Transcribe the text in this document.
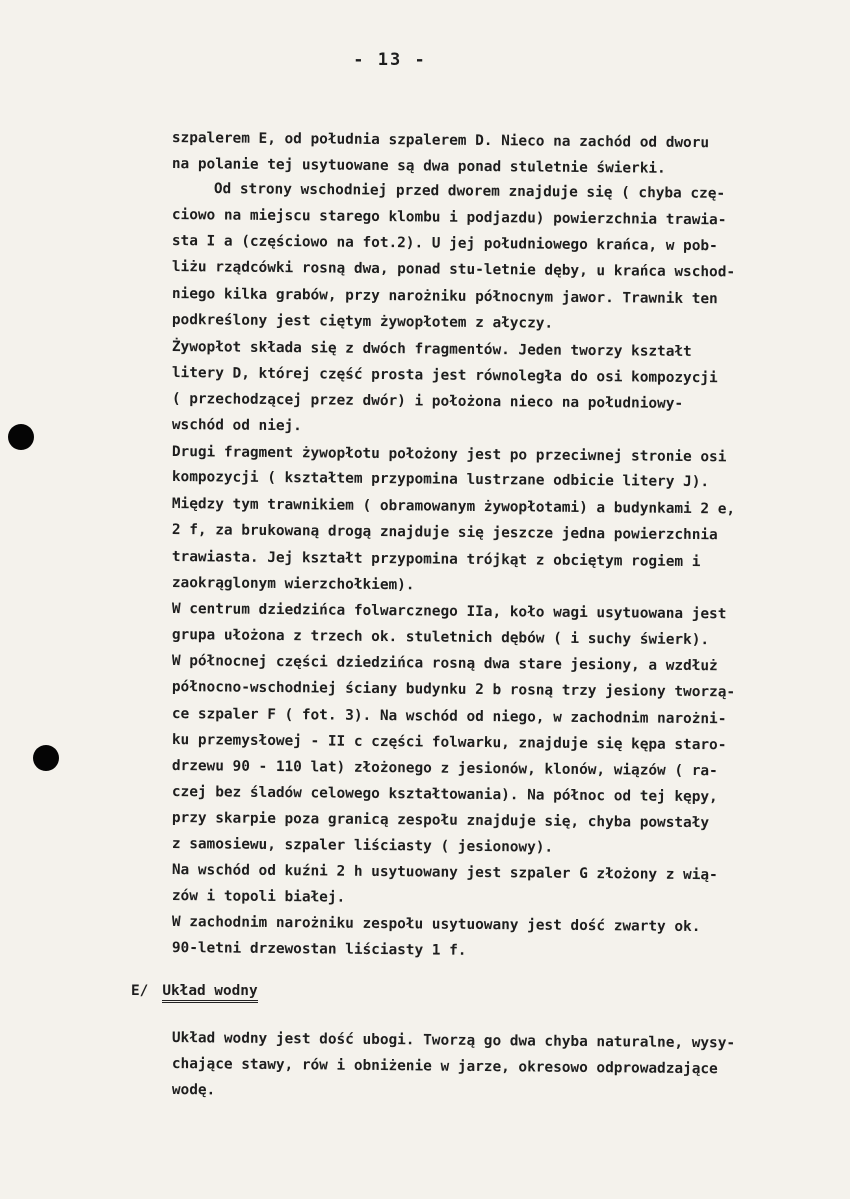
- 13 -
szpalerem E, od południa szpalerem D. Nieco na zachód od dworu
na polanie tej usytuowane są dwa ponad stuletnie świerki.
Od strony wschodniej przed dworem znajduje się ( chyba czę-
ciowo na miejscu starego klombu i podjazdu) powierzchnia trawia-
sta I a (częściowo na fot.2). U jej południowego krańca, w pob-
liżu rządcówki rosną dwa, ponad stu-letnie dęby, u krańca wschod-
niego kilka grabów, przy narożniku północnym jawor. Trawnik ten
podkreślony jest ciętym żywopłotem z ałyczy.
Żywopłot składa się z dwóch fragmentów. Jeden tworzy kształt
litery D, której część prosta jest równoległa do osi kompozycji
( przechodzącej przez dwór) i położona nieco na południowy-
wschód od niej.
Drugi fragment żywopłotu położony jest po przeciwnej stronie osi
kompozycji ( kształtem przypomina lustrzane odbicie litery J).
Między tym trawnikiem ( obramowanym żywopłotami) a budynkami 2 e,
2 f, za brukowaną drogą znajduje się jeszcze jedna powierzchnia
trawiasta. Jej kształt przypomina trójkąt z obciętym rogiem i
zaokrąglonym wierzchołkiem).
W centrum dziedzińca folwarcznego IIa, koło wagi usytuowana jest
grupa ułożona z trzech ok. stuletnich dębów ( i suchy świerk).
W północnej części dziedzińca rosną dwa stare jesiony, a wzdłuż
północno-wschodniej ściany budynku 2 b rosną trzy jesiony tworzą-
ce szpaler F ( fot. 3). Na wschód od niego, w zachodnim narożni-
ku przemysłowej - II c części folwarku, znajduje się kępa staro-
drzewu 90 - 110 lat) złożonego z jesionów, klonów, wiązów ( ra-
czej bez śladów celowego kształtowania). Na północ od tej kępy,
przy skarpie poza granicą zespołu znajduje się, chyba powstały
z samosiewu, szpaler liściasty ( jesionowy).
Na wschód od kuźni 2 h usytuowany jest szpaler G złożony z wią-
zów i topoli białej.
W zachodnim narożniku zespołu usytuowany jest dość zwarty ok.
90-letni drzewostan liściasty 1 f.
E/ Układ wodny
Układ wodny jest dość ubogi. Tworzą go dwa chyba naturalne, wysy-
chające stawy, rów i obniżenie w jarze, okresowo odprowadzające
wodę.
